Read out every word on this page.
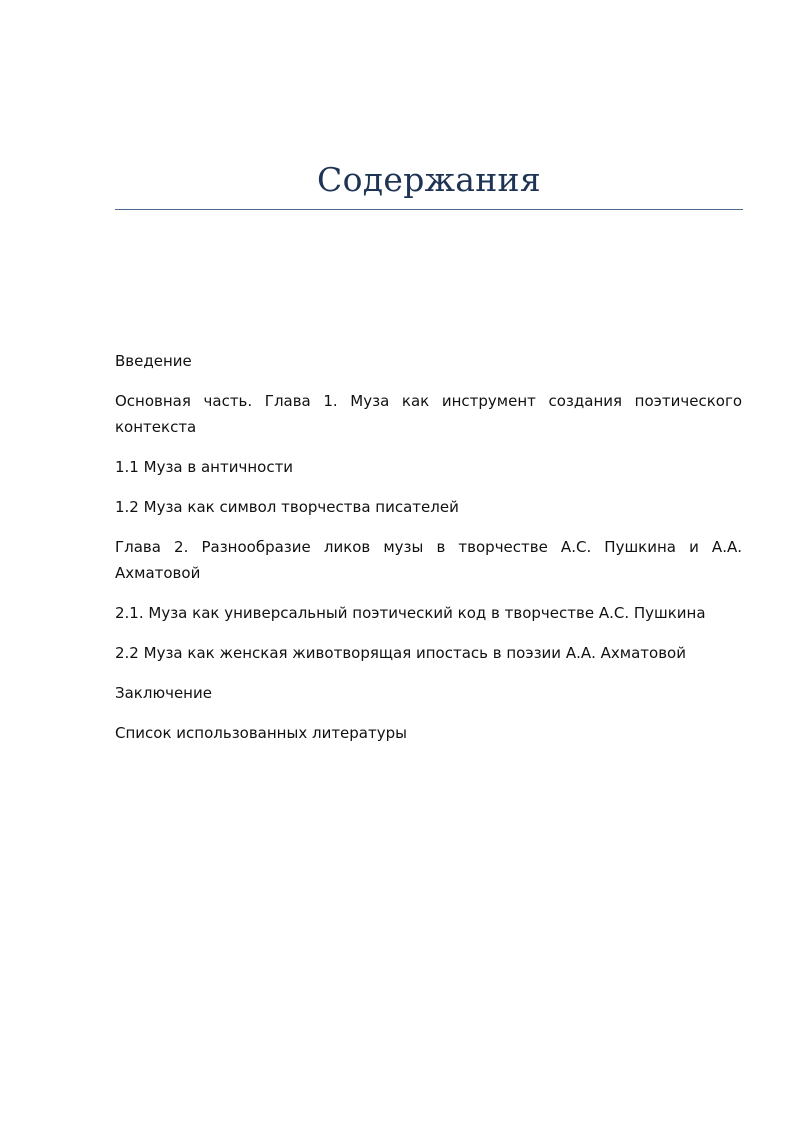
Содержания
Введение
Основная часть. Глава 1. Муза как инструмент создания поэтического контекста
1.1 Муза в античности
1.2 Муза как символ творчества писателей
Глава 2. Разнообразие ликов музы в творчестве А.С. Пушкина и А.А. Ахматовой
2.1. Муза как универсальный поэтический код в творчестве А.С. Пушкина
2.2 Муза как женская животворящая ипостась в поэзии А.А. Ахматовой
Заключение
Список использованных литературы
